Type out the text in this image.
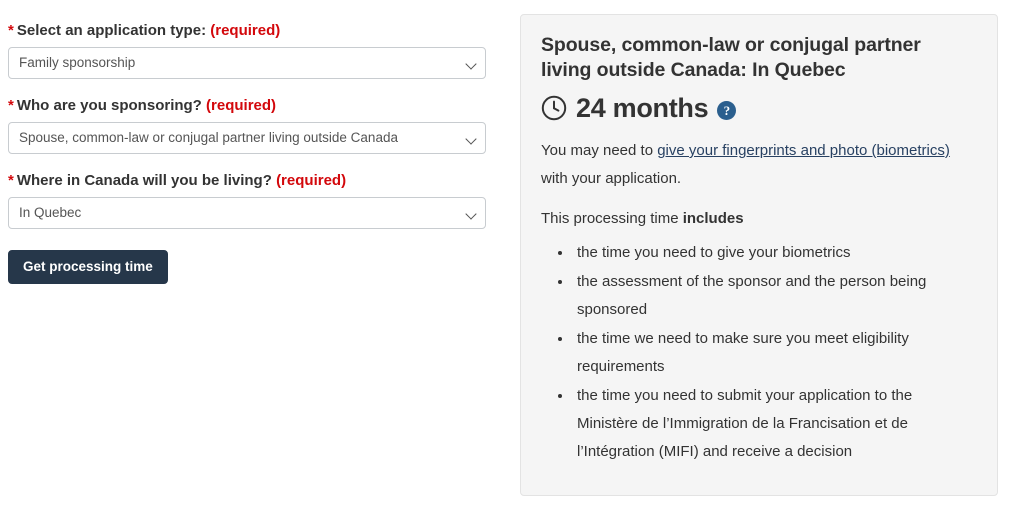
* Select an application type: (required)
Family sponsorship
* Who are you sponsoring? (required)
Spouse, common-law or conjugal partner living outside Canada
* Where in Canada will you be living? (required)
In Quebec
Get processing time
Spouse, common-law or conjugal partner living outside Canada: In Quebec
24 months	?

You may need to give your fingerprints and photo (biometrics) with your application.

This processing time includes

• the time you need to give your biometrics
• the assessment of the sponsor and the person being sponsored
• the time we need to make sure you meet eligibility requirements
• the time you need to submit your application to the Ministère de l’Immigration de la Francisation et de l’Intégration (MIFI) and receive a decision
